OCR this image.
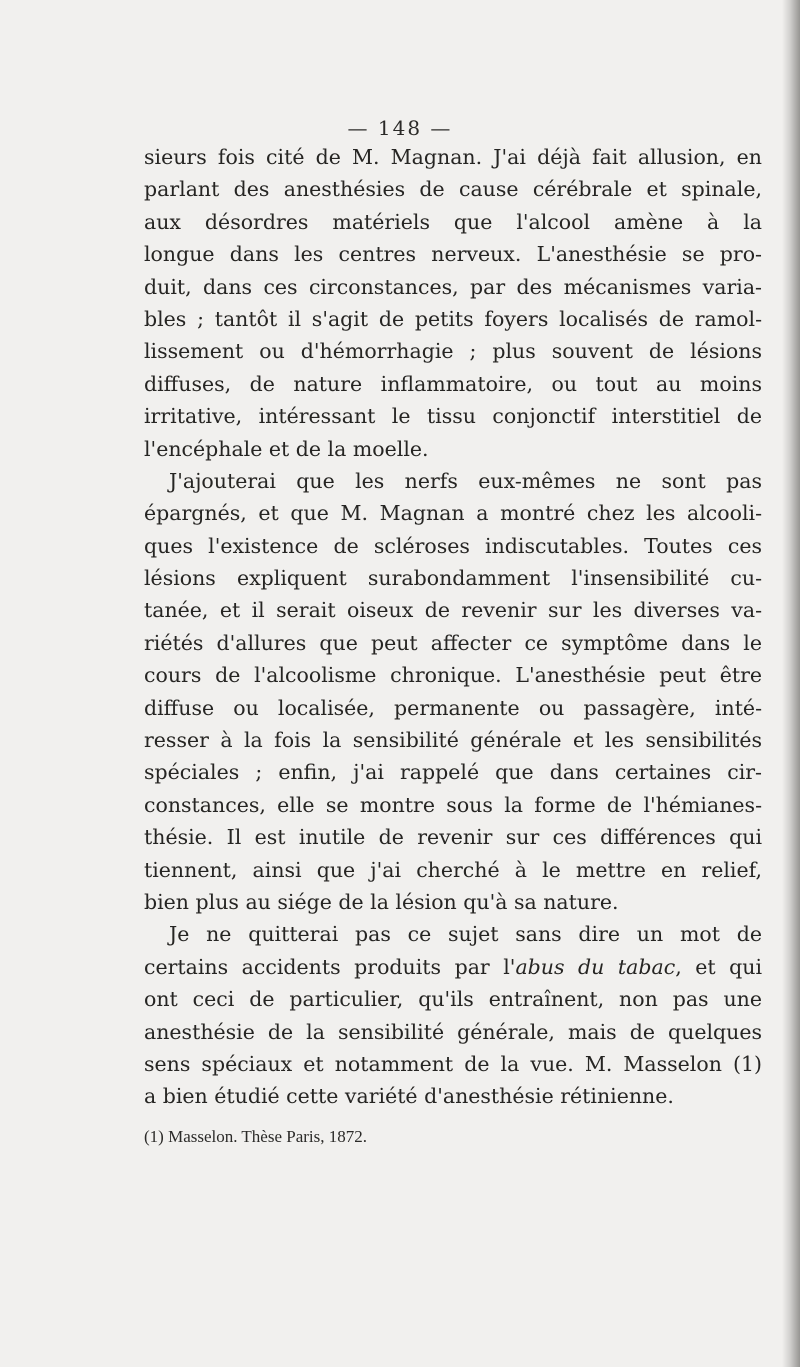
— 148 —
sieurs fois cité de M. Magnan. J'ai déjà fait allusion, en
parlant des anesthésies de cause cérébrale et spinale,
aux désordres matériels que l'alcool amène à la
longue dans les centres nerveux. L'anesthésie se pro-
duit, dans ces circonstances, par des mécanismes varia-
bles ; tantôt il s'agit de petits foyers localisés de ramol-
lissement ou d'hémorrhagie ; plus souvent de lésions
diffuses, de nature inflammatoire, ou tout au moins
irritative, intéressant le tissu conjonctif interstitiel de
l'encéphale et de la moelle.
J'ajouterai que les nerfs eux-mêmes ne sont pas
épargnés, et que M. Magnan a montré chez les alcooli-
ques l'existence de scléroses indiscutables. Toutes ces
lésions expliquent surabondamment l'insensibilité cu-
tanée, et il serait oiseux de revenir sur les diverses va-
riétés d'allures que peut affecter ce symptôme dans le
cours de l'alcoolisme chronique. L'anesthésie peut être
diffuse ou localisée, permanente ou passagère, inté-
resser à la fois la sensibilité générale et les sensibilités
spéciales ; enfin, j'ai rappelé que dans certaines cir-
constances, elle se montre sous la forme de l'hémianes-
thésie. Il est inutile de revenir sur ces différences qui
tiennent, ainsi que j'ai cherché à le mettre en relief,
bien plus au siége de la lésion qu'à sa nature.
Je ne quitterai pas ce sujet sans dire un mot de
certains accidents produits par l'abus du tabac, et qui
ont ceci de particulier, qu'ils entraînent, non pas une
anesthésie de la sensibilité générale, mais de quelques
sens spéciaux et notamment de la vue. M. Masselon (1)
a bien étudié cette variété d'anesthésie rétinienne.
(1) Masselon. Thèse Paris, 1872.
